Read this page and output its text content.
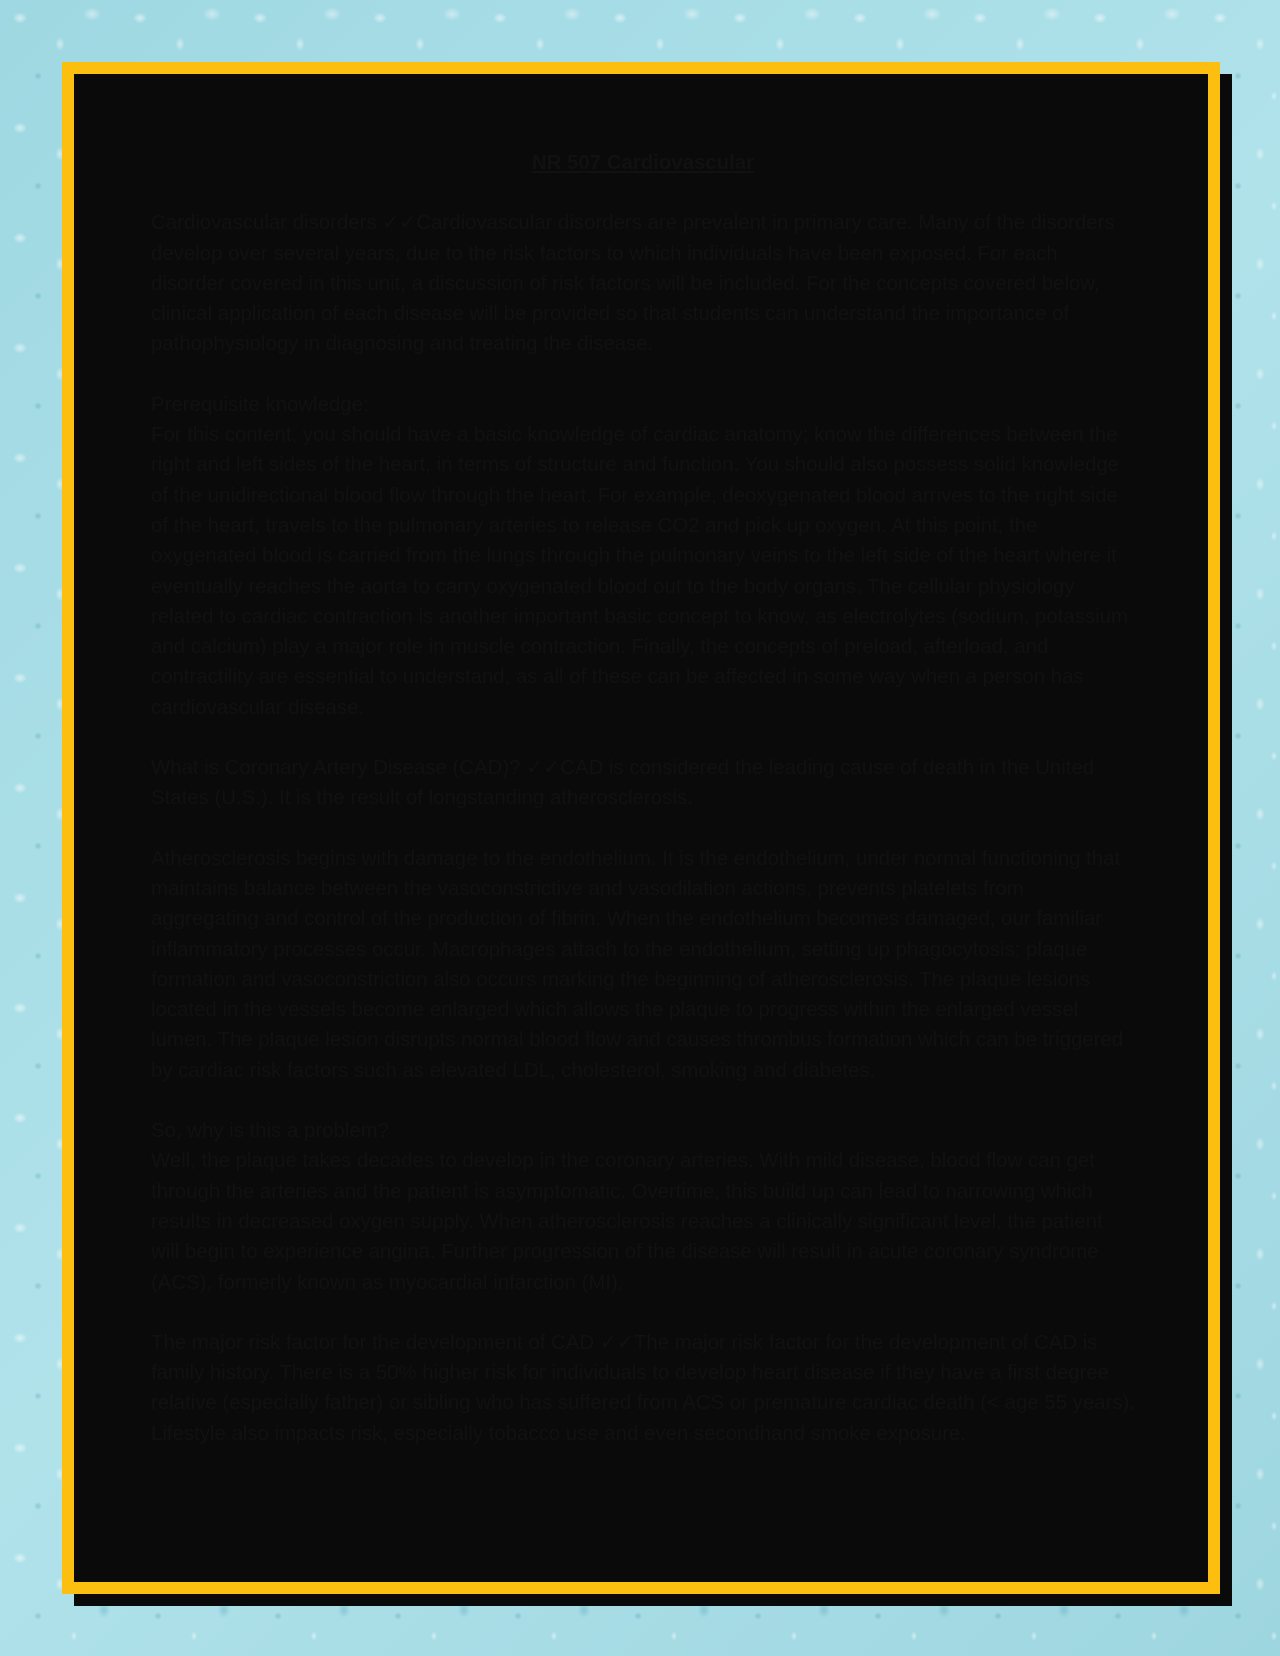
NR 507 Cardiovascular

Cardiovascular disorders ✓✓Cardiovascular disorders are prevalent in primary care. Many of the disorders develop over several years, due to the risk factors to which individuals have been exposed. For each disorder covered in this unit, a discussion of risk factors will be included. For the concepts covered below, clinical application of each disease will be provided so that students can understand the importance of pathophysiology in diagnosing and treating the disease.

Prerequisite knowledge:
For this content, you should have a basic knowledge of cardiac anatomy; know the differences between the right and left sides of the heart, in terms of structure and function. You should also possess solid knowledge of the unidirectional blood flow through the heart. For example, deoxygenated blood arrives to the right side of the heart, travels to the pulmonary arteries to release CO2 and pick up oxygen. At this point, the oxygenated blood is carried from the lungs through the pulmonary veins to the left side of the heart where it eventually reaches the aorta to carry oxygenated blood out to the body organs. The cellular physiology related to cardiac contraction is another important basic concept to know, as electrolytes (sodium, potassium and calcium) play a major role in muscle contraction. Finally, the concepts of preload, afterload, and contractility are essential to understand, as all of these can be affected in some way when a person has cardiovascular disease.

What is Coronary Artery Disease (CAD)? ✓✓CAD is considered the leading cause of death in the United States (U.S.). It is the result of longstanding atherosclerosis.

Atherosclerosis begins with damage to the endothelium. It is the endothelium, under normal functioning that maintains balance between the vasoconstrictive and vasodilation actions, prevents platelets from aggregating and control of the production of fibrin. When the endothelium becomes damaged, our familiar inflammatory processes occur. Macrophages attach to the endothelium, setting up phagocytosis; plaque formation and vasoconstriction also occurs marking the beginning of atherosclerosis. The plaque lesions located in the vessels become enlarged which allows the plaque to progress within the enlarged vessel lumen. The plaque lesion disrupts normal blood flow and causes thrombus formation which can be triggered by cardiac risk factors such as elevated LDL, cholesterol, smoking and diabetes.

So, why is this a problem?
Well, the plaque takes decades to develop in the coronary arteries. With mild disease, blood flow can get through the arteries and the patient is asymptomatic. Overtime, this build up can lead to narrowing which results in decreased oxygen supply. When atherosclerosis reaches a clinically significant level, the patient will begin to experience angina. Further progression of the disease will result in acute coronary syndrome (ACS), formerly known as myocardial infarction (MI).

The major risk factor for the development of CAD ✓✓The major risk factor for the development of CAD is family history. There is a 50% higher risk for individuals to develop heart disease if they have a first degree relative (especially father) or sibling who has suffered from ACS or premature cardiac death (< age 55 years). Lifestyle also impacts risk, especially tobacco use and even secondhand smoke exposure.
